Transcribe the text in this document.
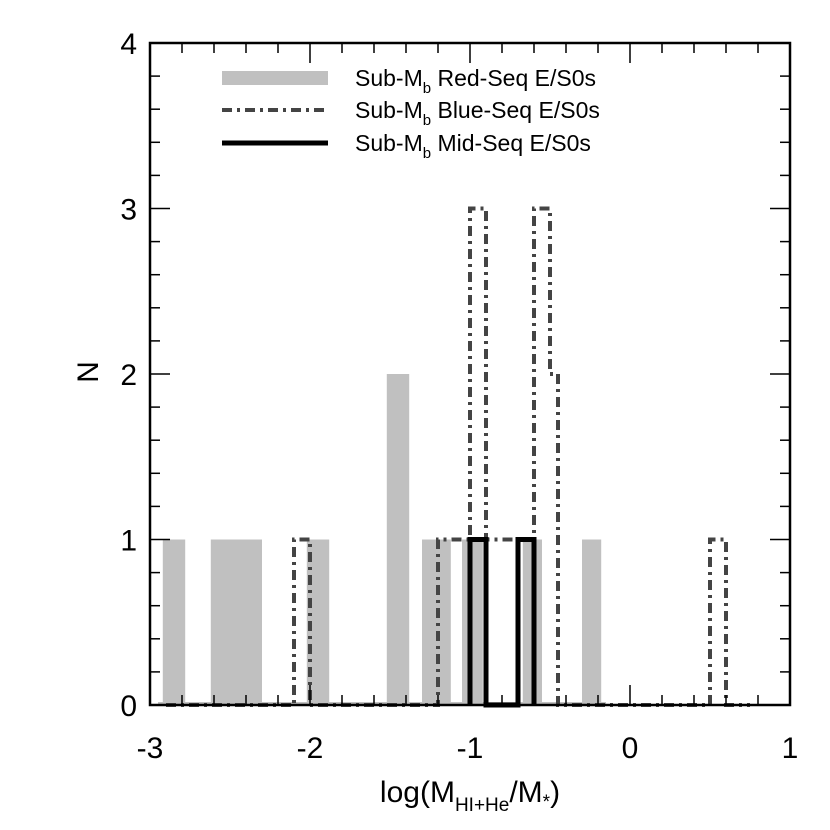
-3	-2	-1	0	1
0
1
2
3
4
$\log(M_{HI+He}/M_*)$
N
Sub-$M_b$ Red-Seq E/S0s
Sub-$M_b$ Blue-Seq E/S0s
Sub-$M_b$ Mid-Seq E/S0s
